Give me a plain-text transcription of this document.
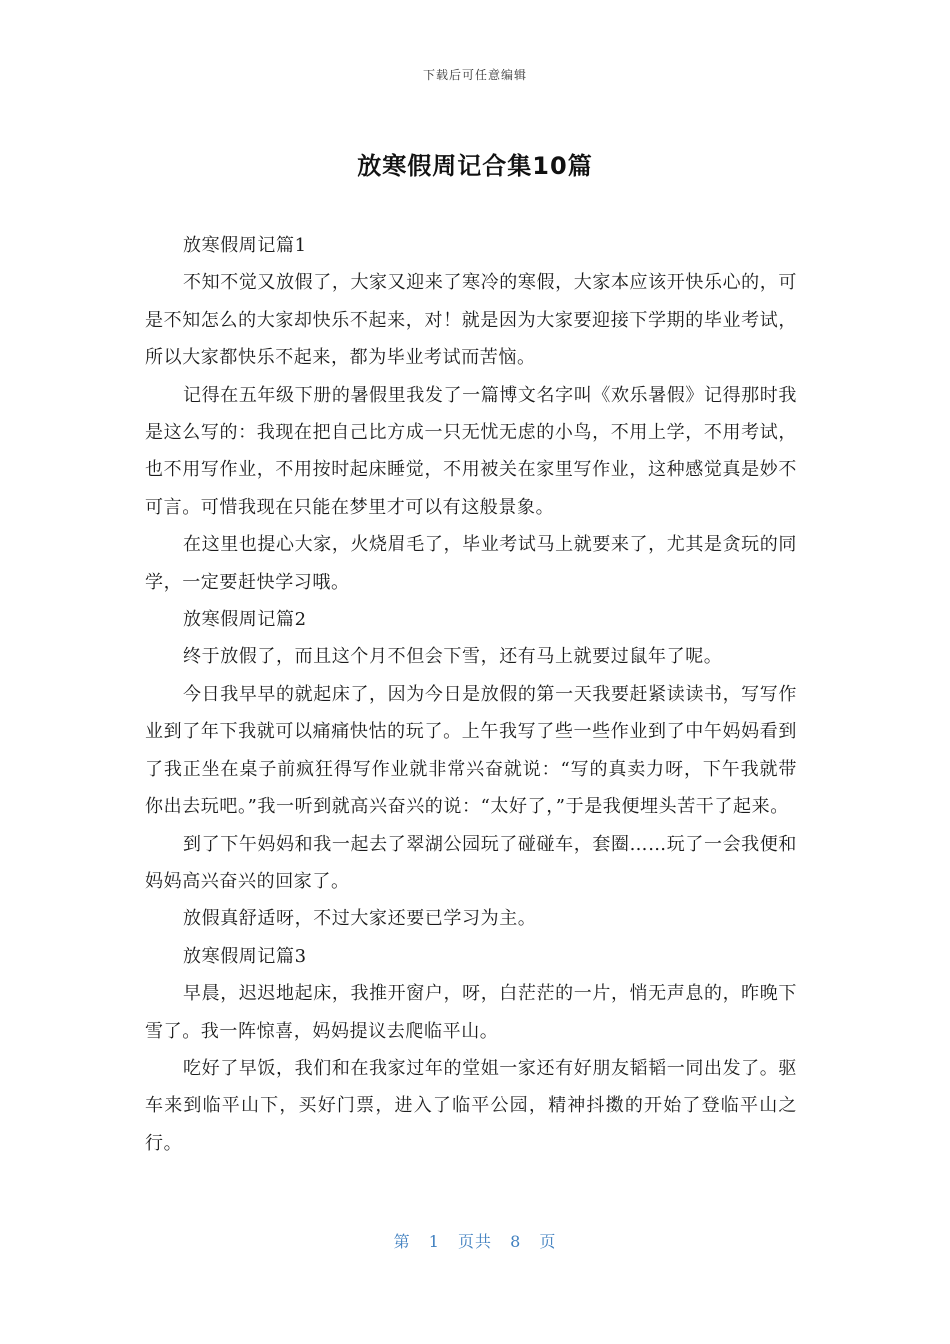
下载后可任意编辑
放寒假周记合集10篇

放寒假周记篇1

不知不觉又放假了，大家又迎来了寒冷的寒假，大家本应该开快乐心的，可是不知怎么的大家却快乐不起来，对！就是因为大家要迎接下学期的毕业考试，所以大家都快乐不起来，都为毕业考试而苦恼。

记得在五年级下册的暑假里我发了一篇博文名字叫《欢乐暑假》记得那时我是这么写的：我现在把自己比方成一只无忧无虑的小鸟，不用上学，不用考试，也不用写作业，不用按时起床睡觉，不用被关在家里写作业，这种感觉真是妙不可言。可惜我现在只能在梦里才可以有这般景象。

在这里也提心大家，火烧眉毛了，毕业考试马上就要来了，尤其是贪玩的同学，一定要赶快学习哦。

放寒假周记篇2

终于放假了，而且这个月不但会下雪，还有马上就要过鼠年了呢。

今日我早早的就起床了，因为今日是放假的第一天我要赶紧读读书，写写作业到了年下我就可以痛痛快怙的玩了。上午我写了些一些作业到了中午妈妈看到了我正坐在桌子前疯狂得写作业就非常兴奋就说：“写的真卖力呀，下午我就带你出去玩吧。”我一听到就高兴奋兴的说：“太好了，”于是我便埋头苦干了起来。

到了下午妈妈和我一起去了翠湖公园玩了碰碰车，套圈……玩了一会我便和妈妈高兴奋兴的回家了。

放假真舒适呀，不过大家还要已学习为主。

放寒假周记篇3

早晨，迟迟地起床，我推开窗户，呀，白茫茫的一片，悄无声息的，昨晚下雪了。我一阵惊喜，妈妈提议去爬临平山。

吃好了早饭，我们和在我家过年的堂姐一家还有好朋友韬韬一同出发了。驱车来到临平山下，买好门票，进入了临平公园，精神抖擞的开始了登临平山之行。

第 1 页共 8 页
